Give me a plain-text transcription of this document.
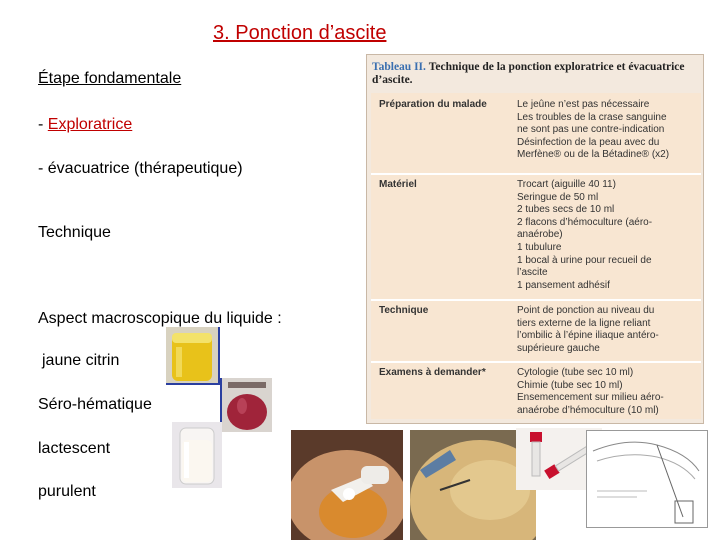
3. Ponction d’ascite
Étape fondamentale
- Exploratrice
- évacuatrice (thérapeutique)
Technique
Aspect macroscopique du liquide :
jaune citrin
Séro-hématique
lactescent
purulent
Tableau II. Technique de la ponction exploratrice et évacuatrice d’ascite.
Préparation du malade	Le jeûne n’est pas nécessaire
Les troubles de la crase sanguine
ne sont pas une contre-indication
Désinfection de la peau avec du
Merfène® ou de la Bétadine® (x2)
Matériel	Trocart (aiguille 40 11)
Seringue de 50 ml
2 tubes secs de 10 ml
2 flacons d’hémoculture (aéro-
anaérobe)
1 tubulure
1 bocal à urine pour recueil de
l’ascite
1 pansement adhésif
Technique	Point de ponction au niveau du
tiers externe de la ligne reliant
l’ombilic à l’épine iliaque antéro-
supérieure gauche
Examens à demander*	Cytologie (tube sec 10 ml)
Chimie (tube sec 10 ml)
Ensemencement sur milieu aéro-
anaérobe d’hémoculture (10 ml)
